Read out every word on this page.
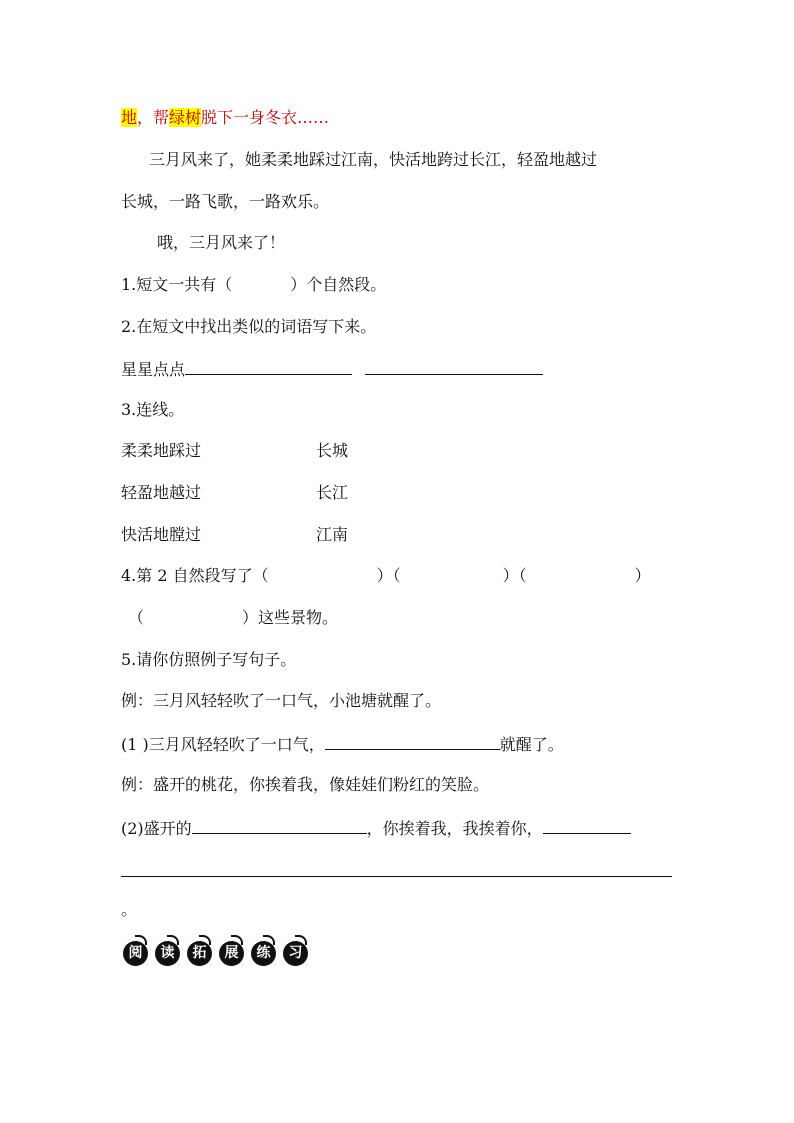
地，帮绿树脱下一身冬衣……
三月风来了，她柔柔地踩过江南，快活地跨过长江，轻盈地越过
长城，一路飞歌，一路欢乐。
哦，三月风来了！
1.短文一共有（	）个自然段。
2.在短文中找出类似的词语写下来。
星星点点
3.连线。
柔柔地踩过	长城
轻盈地越过	长江
快活地膛过	江南
4.第 2 自然段写了（	）（	）（	）
（	）这些景物。
5.请你仿照例子写句子。
例：三月风轻轻吹了一口气，小池塘就醒了。
(1 )三月风轻轻吹了一口气，	就醒了。
例：盛开的桃花，你挨着我，像娃娃们粉红的笑脸。
(2)盛开的	，你挨着我，我挨着你，
。
阅	读	拓	展	练	习
